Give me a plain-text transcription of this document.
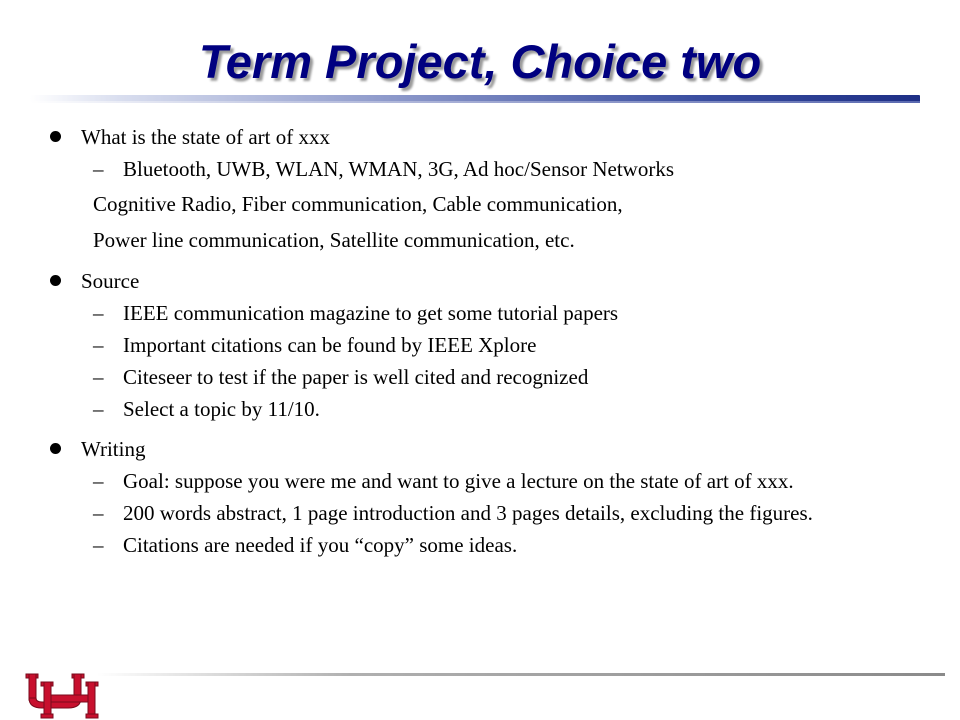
Term Project, Choice two
What is the state of art of xxx
– Bluetooth, UWB, WLAN, WMAN, 3G, Ad hoc/Sensor Networks
Cognitive Radio, Fiber communication, Cable communication,
Power line communication, Satellite communication, etc.
Source
– IEEE communication magazine to get some tutorial papers
– Important citations can be found by IEEE Xplore
– Citeseer to test if the paper is well cited and recognized
– Select a topic by 11/10.
Writing
– Goal: suppose you were me and want to give a lecture on the state of art of xxx.
– 200 words abstract, 1 page introduction and 3 pages details, excluding the figures.
– Citations are needed if you “copy” some ideas.
